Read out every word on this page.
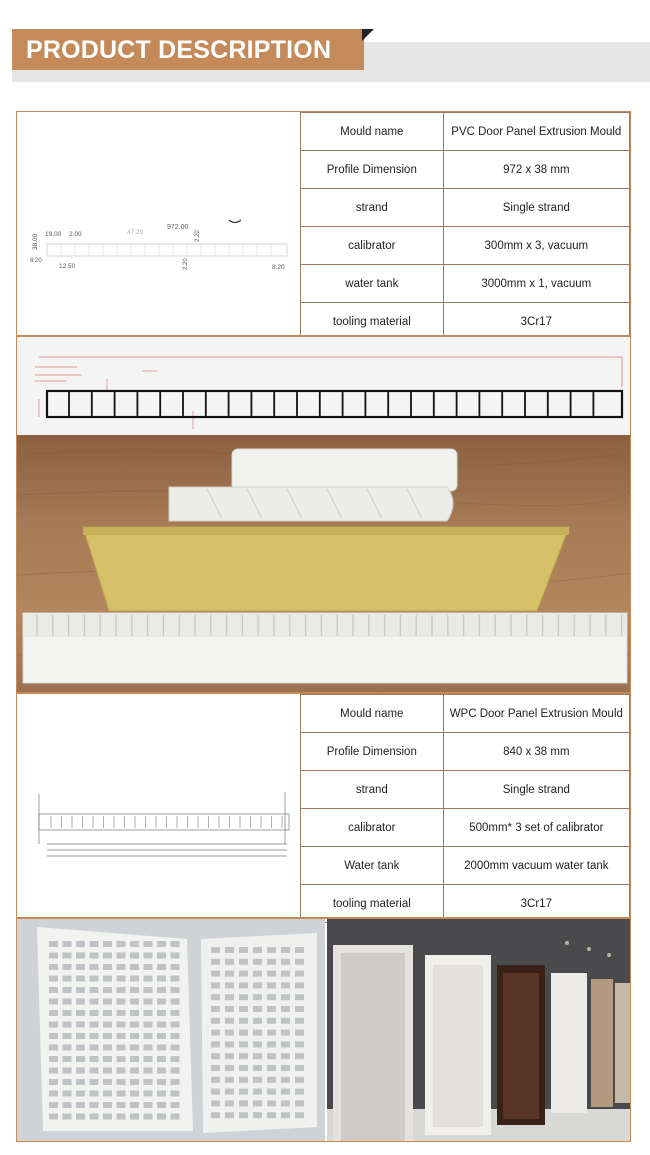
PRODUCT DESCRIPTION
972.00
19.00 2.00	47.20	2.20
38.00
8.20
12.50	2.20	8.20
Mould name	PVC Door Panel Extrusion Mould
Profile Dimension	972 x 38 mm
strand	Single strand
calibrator	300mm x 3, vacuum
water tank	3000mm x 1, vacuum
tooling material	3Cr17
Mould name	WPC Door Panel Extrusion Mould
Profile Dimension	840 x 38 mm
strand	Single strand
calibrator	500mm* 3 set of calibrator
Water tank	2000mm vacuum water tank
tooling material	3Cr17
